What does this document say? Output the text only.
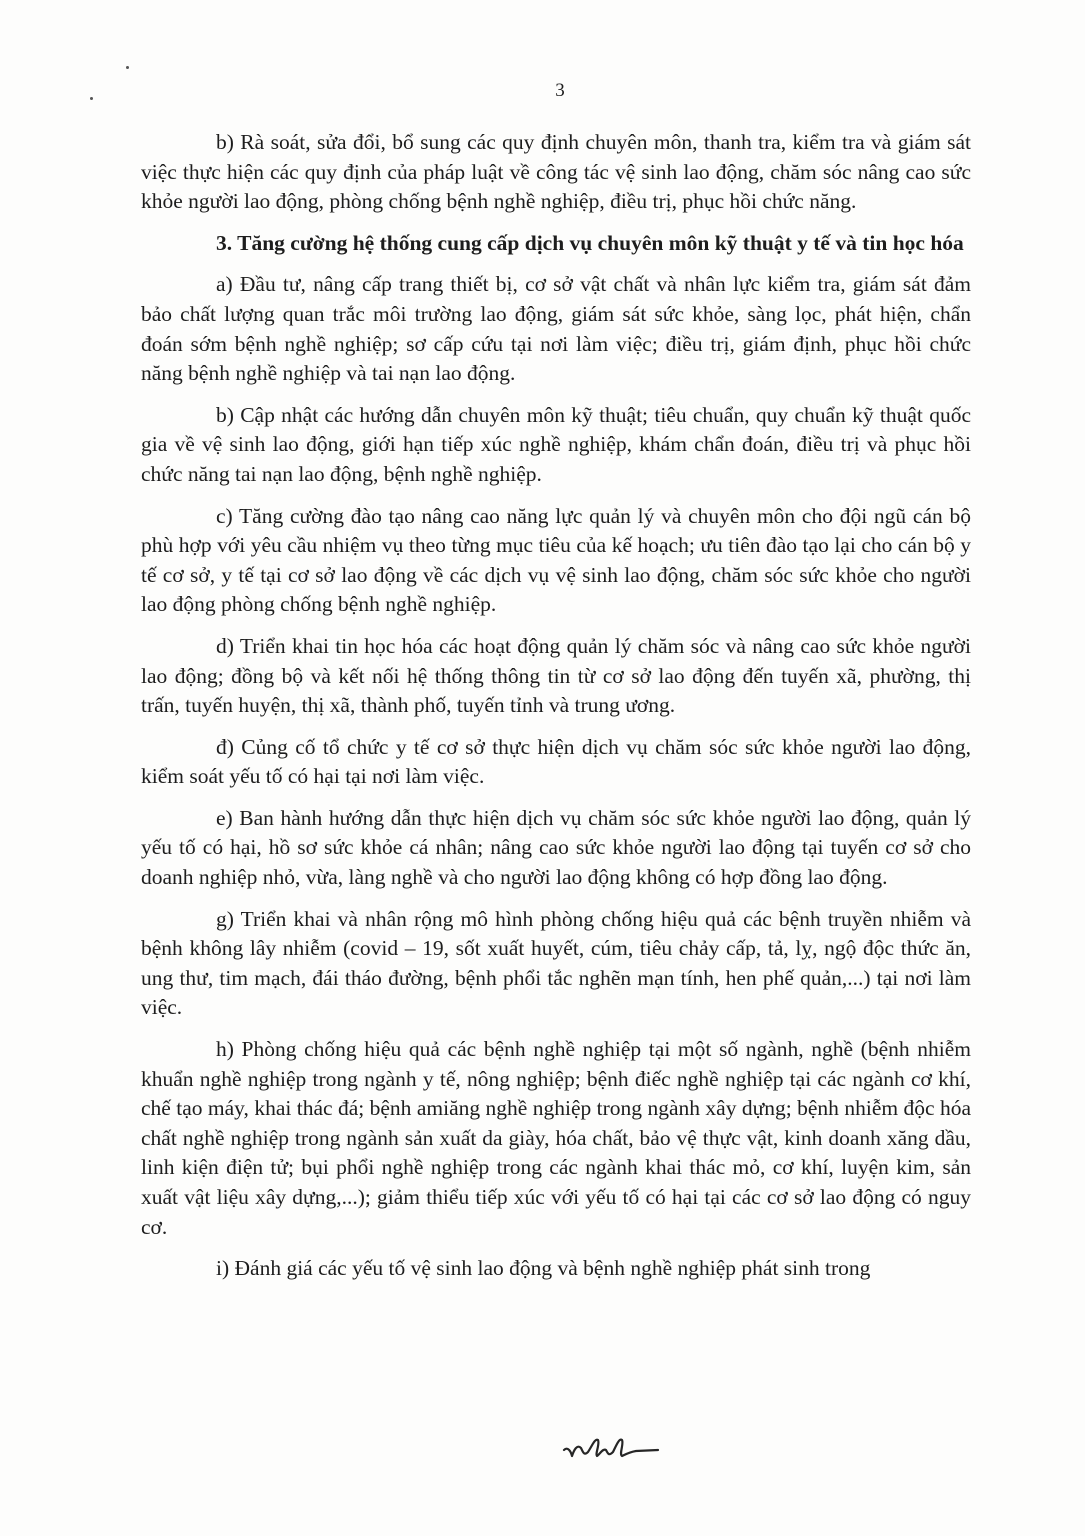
3

b) Rà soát, sửa đổi, bổ sung các quy định chuyên môn, thanh tra, kiểm tra và giám sát việc thực hiện các quy định của pháp luật về công tác vệ sinh lao động, chăm sóc nâng cao sức khỏe người lao động, phòng chống bệnh nghề nghiệp, điều trị, phục hồi chức năng.

3. Tăng cường hệ thống cung cấp dịch vụ chuyên môn kỹ thuật y tế và tin học hóa

a) Đầu tư, nâng cấp trang thiết bị, cơ sở vật chất và nhân lực kiểm tra, giám sát đảm bảo chất lượng quan trắc môi trường lao động, giám sát sức khỏe, sàng lọc, phát hiện, chẩn đoán sớm bệnh nghề nghiệp; sơ cấp cứu tại nơi làm việc; điều trị, giám định, phục hồi chức năng bệnh nghề nghiệp và tai nạn lao động.

b) Cập nhật các hướng dẫn chuyên môn kỹ thuật; tiêu chuẩn, quy chuẩn kỹ thuật quốc gia về vệ sinh lao động, giới hạn tiếp xúc nghề nghiệp, khám chẩn đoán, điều trị và phục hồi chức năng tai nạn lao động, bệnh nghề nghiệp.

c) Tăng cường đào tạo nâng cao năng lực quản lý và chuyên môn cho đội ngũ cán bộ phù hợp với yêu cầu nhiệm vụ theo từng mục tiêu của kế hoạch; ưu tiên đào tạo lại cho cán bộ y tế cơ sở, y tế tại cơ sở lao động về các dịch vụ vệ sinh lao động, chăm sóc sức khỏe cho người lao động phòng chống bệnh nghề nghiệp.

d) Triển khai tin học hóa các hoạt động quản lý chăm sóc và nâng cao sức khỏe người lao động; đồng bộ và kết nối hệ thống thông tin từ cơ sở lao động đến tuyến xã, phường, thị trấn, tuyến huyện, thị xã, thành phố, tuyến tỉnh và trung ương.

đ) Củng cố tổ chức y tế cơ sở thực hiện dịch vụ chăm sóc sức khỏe người lao động, kiểm soát yếu tố có hại tại nơi làm việc.

e) Ban hành hướng dẫn thực hiện dịch vụ chăm sóc sức khỏe người lao động, quản lý yếu tố có hại, hồ sơ sức khỏe cá nhân; nâng cao sức khỏe người lao động tại tuyến cơ sở cho doanh nghiệp nhỏ, vừa, làng nghề và cho người lao động không có hợp đồng lao động.

g) Triển khai và nhân rộng mô hình phòng chống hiệu quả các bệnh truyền nhiễm và bệnh không lây nhiễm (covid – 19, sốt xuất huyết, cúm, tiêu chảy cấp, tả, lỵ, ngộ độc thức ăn, ung thư, tim mạch, đái tháo đường, bệnh phổi tắc nghẽn mạn tính, hen phế quản,...) tại nơi làm việc.

h) Phòng chống hiệu quả các bệnh nghề nghiệp tại một số ngành, nghề (bệnh nhiễm khuẩn nghề nghiệp trong ngành y tế, nông nghiệp; bệnh điếc nghề nghiệp tại các ngành cơ khí, chế tạo máy, khai thác đá; bệnh amiăng nghề nghiệp trong ngành xây dựng; bệnh nhiễm độc hóa chất nghề nghiệp trong ngành sản xuất da giày, hóa chất, bảo vệ thực vật, kinh doanh xăng dầu, linh kiện điện tử; bụi phổi nghề nghiệp trong các ngành khai thác mỏ, cơ khí, luyện kim, sản xuất vật liệu xây dựng,...); giảm thiểu tiếp xúc với yếu tố có hại tại các cơ sở lao động có nguy cơ.

i) Đánh giá các yếu tố vệ sinh lao động và bệnh nghề nghiệp phát sinh trong
